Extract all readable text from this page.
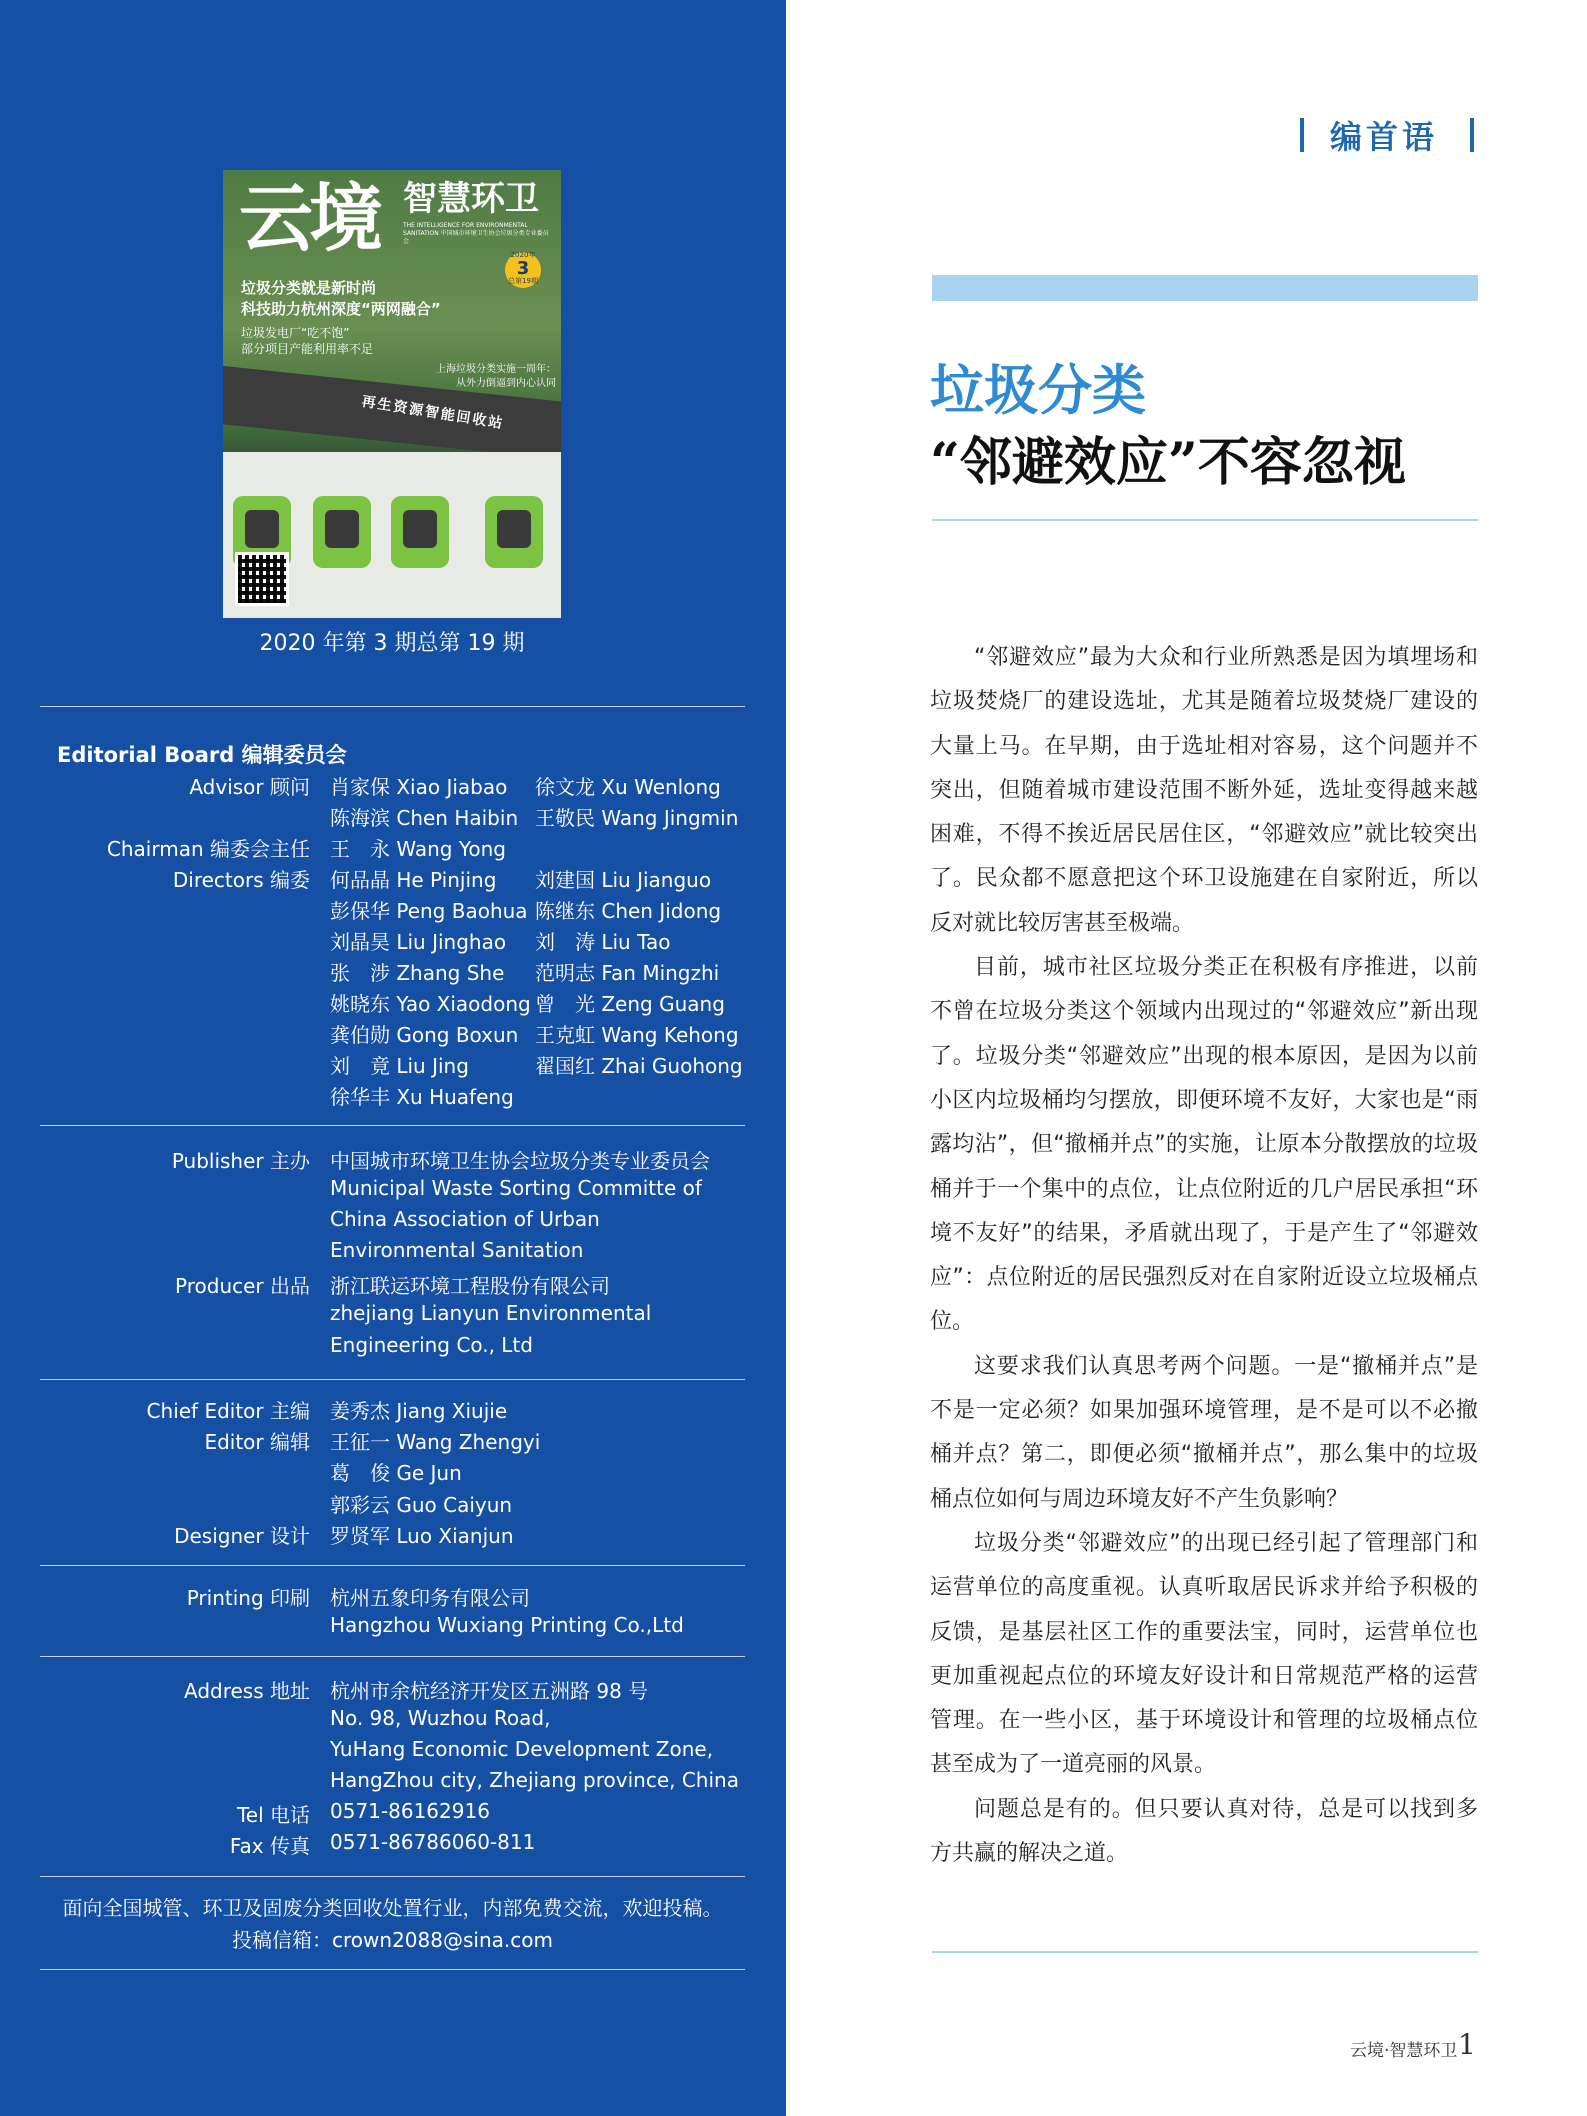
云境 智慧环卫
THE INTELLIGENCE FOR ENVIRONMENTAL SANITATION 中国城市环境卫生协会垃圾分类专业委员会
2020年
3
总第19期
垃圾分类就是新时尚
科技助力杭州深度“两网融合”
垃圾发电厂“吃不饱”
部分项目产能利用率不足
上海垃圾分类实施一周年：
从外力倒逼到内心认同
再生资源智能回收站
2020 年第 3 期总第 19 期
Editorial Board 编辑委员会
Advisor 顾问 肖家保 Xiao Jiabao 徐文龙 Xu Wenlong
陈海滨 Chen Haibin 王敬民 Wang Jingmin
Chairman 编委会主任 王　永 Wang Yong
Directors 编委 何品晶 He Pinjing 刘建国 Liu Jianguo
彭保华 Peng Baohua 陈继东 Chen Jidong
刘晶昊 Liu Jinghao 刘　涛 Liu Tao
张　涉 Zhang She 范明志 Fan Mingzhi
姚晓东 Yao Xiaodong 曾　光 Zeng Guang
龚伯勋 Gong Boxun 王克虹 Wang Kehong
刘　竟 Liu Jing	翟国红 Zhai Guohong
徐华丰 Xu Huafeng
Publisher 主办 中国城市环境卫生协会垃圾分类专业委员会
Municipal Waste Sorting Committe of
China Association of Urban
Environmental Sanitation
Producer 出品 浙江联运环境工程股份有限公司
zhejiang Lianyun Environmental
Engineering Co., Ltd
Chief Editor 主编 姜秀杰 Jiang Xiujie
Editor 编辑 王征一 Wang Zhengyi
葛　俊 Ge Jun
郭彩云 Guo Caiyun
Designer 设计 罗贤军 Luo Xianjun
Printing 印刷 杭州五象印务有限公司
Hangzhou Wuxiang Printing Co.,Ltd
Address 地址 杭州市余杭经济开发区五洲路 98 号
No. 98, Wuzhou Road,
YuHang Economic Development Zone,
HangZhou city, Zhejiang province, China
Tel 电话 0571-86162916
Fax 传真 0571-86786060-811
面向全国城管、环卫及固废分类回收处置行业，内部免费交流，欢迎投稿。
投稿信箱：crown2088@sina.com
编首语
垃圾分类
“邻避效应”不容忽视

“邻避效应”最为大众和行业所熟悉是因为填埋场和垃圾焚烧厂的建设选址，尤其是随着垃圾焚烧厂建设的大量上马。在早期，由于选址相对容易，这个问题并不突出，但随着城市建设范围不断外延，选址变得越来越困难，不得不挨近居民居住区，“邻避效应”就比较突出了。民众都不愿意把这个环卫设施建在自家附近，所以反对就比较厉害甚至极端。

目前，城市社区垃圾分类正在积极有序推进，以前不曾在垃圾分类这个领域内出现过的“邻避效应”新出现了。垃圾分类“邻避效应”出现的根本原因，是因为以前小区内垃圾桶均匀摆放，即便环境不友好，大家也是“雨露均沾”，但“撤桶并点”的实施，让原本分散摆放的垃圾桶并于一个集中的点位，让点位附近的几户居民承担“环境不友好”的结果，矛盾就出现了，于是产生了“邻避效应”：点位附近的居民强烈反对在自家附近设立垃圾桶点位。

这要求我们认真思考两个问题。一是“撤桶并点”是不是一定必须？如果加强环境管理，是不是可以不必撤桶并点？第二，即便必须“撤桶并点”，那么集中的垃圾桶点位如何与周边环境友好不产生负影响？

垃圾分类“邻避效应”的出现已经引起了管理部门和运营单位的高度重视。认真听取居民诉求并给予积极的反馈，是基层社区工作的重要法宝，同时，运营单位也更加重视起点位的环境友好设计和日常规范严格的运营管理。在一些小区，基于环境设计和管理的垃圾桶点位甚至成为了一道亮丽的风景。

问题总是有的。但只要认真对待，总是可以找到多方共赢的解决之道。

云境·智慧环卫 1
